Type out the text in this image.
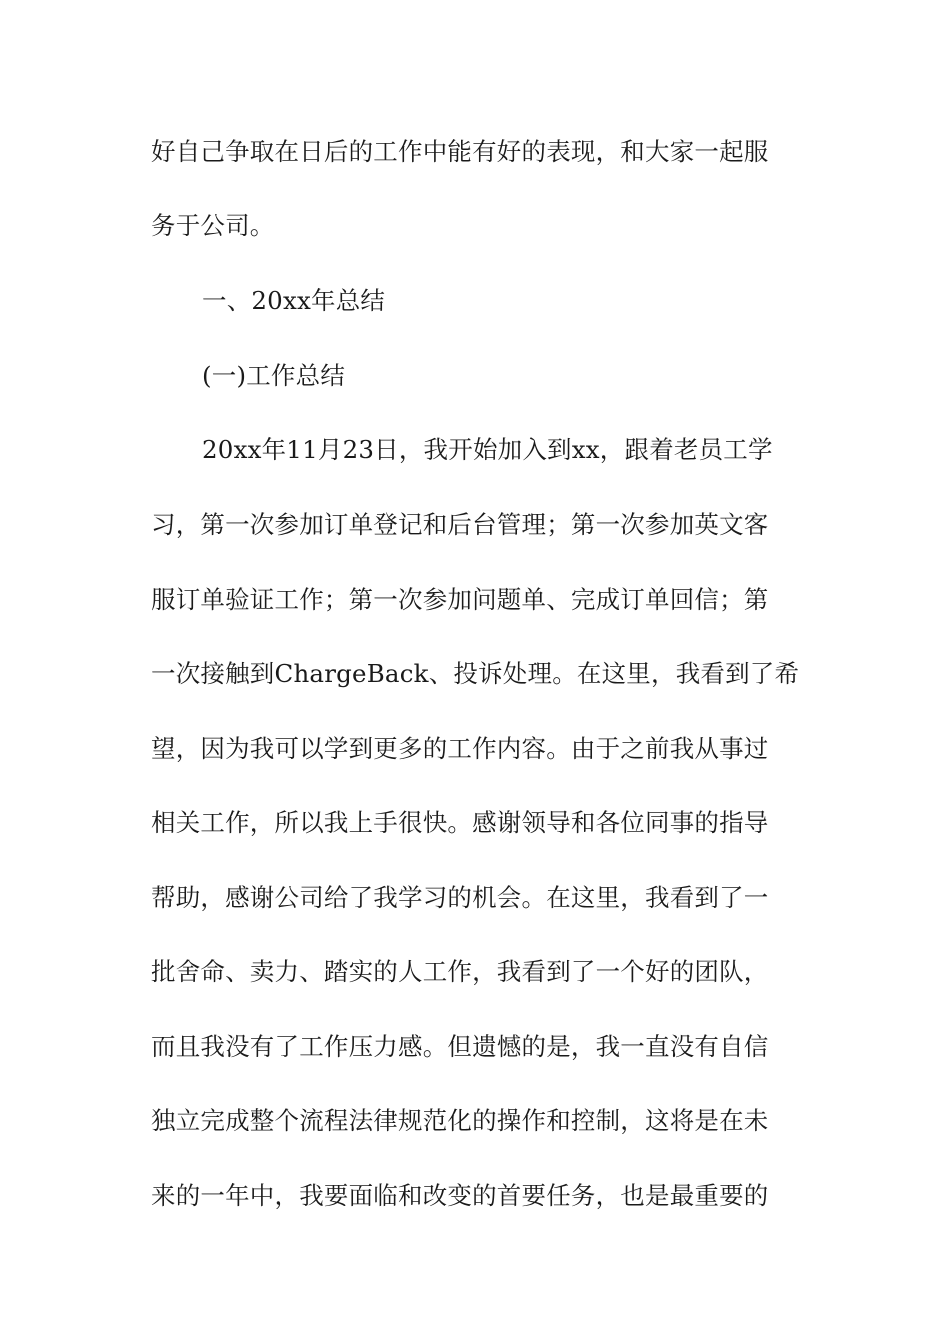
好自己争取在日后的工作中能有好的表现，和大家一起服
务于公司。
一、20xx年总结
(一)工作总结
20xx年11月23日，我开始加入到xx，跟着老员工学
习，第一次参加订单登记和后台管理；第一次参加英文客
服订单验证工作；第一次参加问题单、完成订单回信；第
一次接触到ChargeBack、投诉处理。在这里，我看到了希
望，因为我可以学到更多的工作内容。由于之前我从事过
相关工作，所以我上手很快。感谢领导和各位同事的指导
帮助，感谢公司给了我学习的机会。在这里，我看到了一
批舍命、卖力、踏实的人工作，我看到了一个好的团队，
而且我没有了工作压力感。但遗憾的是，我一直没有自信
独立完成整个流程法律规范化的操作和控制，这将是在未
来的一年中，我要面临和改变的首要任务，也是最重要的
